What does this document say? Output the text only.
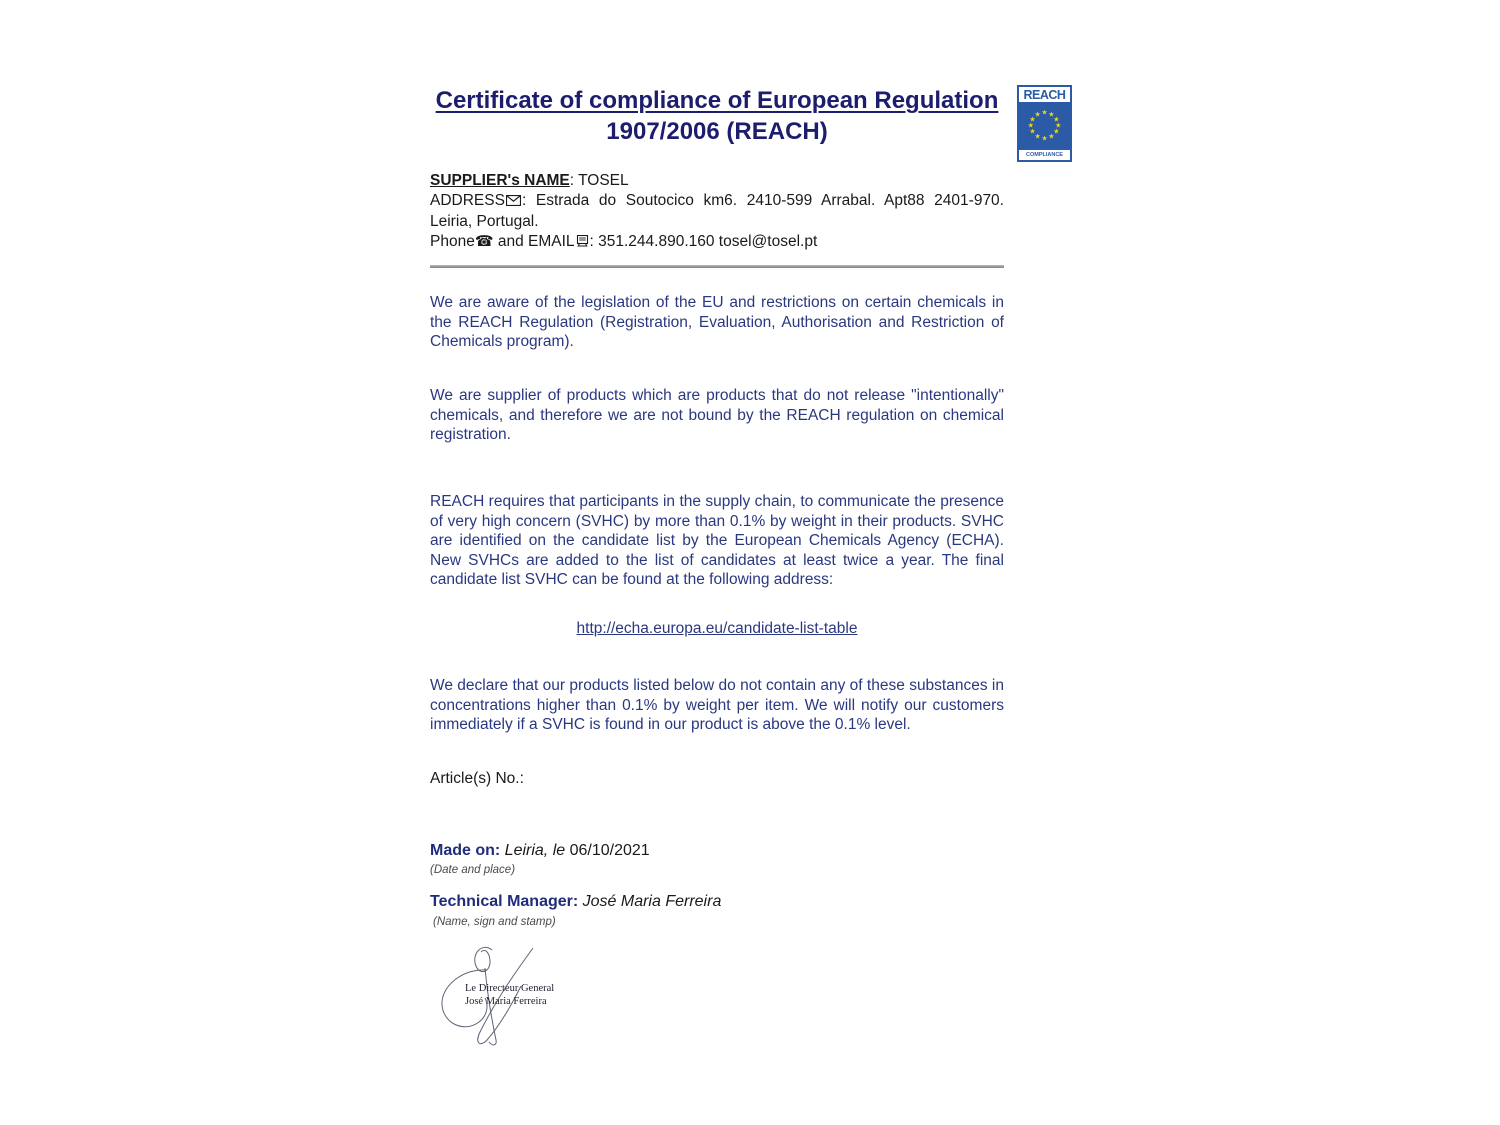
Certificate of compliance of European Regulation
1907/2006 (REACH)
SUPPLIER's NAME: TOSEL
ADDRESS : Estrada do Soutocico km6. 2410-599 Arrabal. Apt88 2401-970. Leiria, Portugal.
Phone☎ and EMAIL : 351.244.890.160 tosel@tosel.pt

We are aware of the legislation of the EU and restrictions on certain chemicals in the REACH Regulation (Registration, Evaluation, Authorisation and Restriction of Chemicals program).

We are supplier of products which are products that do not release "intentionally" chemicals, and therefore we are not bound by the REACH regulation on chemical registration.

REACH requires that participants in the supply chain, to communicate the presence of very high concern (SVHC) by more than 0.1% by weight in their products. SVHC are identified on the candidate list by the European Chemicals Agency (ECHA). New SVHCs are added to the list of candidates at least twice a year. The final candidate list SVHC can be found at the following address:

http://echa.europa.eu/candidate-list-table

We declare that our products listed below do not contain any of these substances in concentrations higher than 0.1% by weight per item. We will notify our customers immediately if a SVHC is found in our product is above the 0.1% level.

Article(s) No.:
Made on: Leiria, le 06/10/2021
(Date and place)
Technical Manager: José Maria Ferreira
(Name, sign and stamp)
Le Directeur General
José Maria Ferreira
REACH
★ ★
★
★
★
★
★
★
★
★
★
★
COMPLIANCE
